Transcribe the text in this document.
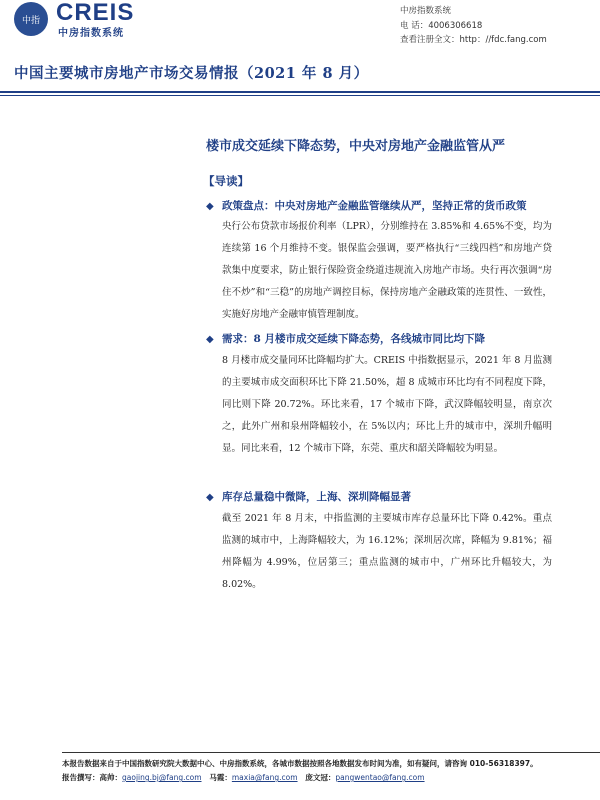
中指 CREIS
中房指数系统
中房指数系统
电 话：4006306618
查看注册全文：http：//fdc.fang.com
中国主要城市房地产市场交易情报（2021 年 8 月）
楼市成交延续下降态势，中央对房地产金融监管从严
【导读】
◆ 政策盘点：中央对房地产金融监管继续从严，坚持正常的货币政策

央行公布贷款市场报价利率（LPR），分别维持在 3.85%和 4.65%不变，均为连续第 16 个月维持不变。银保监会强调，要严格执行“三线四档”和房地产贷款集中度要求，防止银行保险资金绕道违规流入房地产市场。央行再次强调“房住不炒”和“三稳”的房地产调控目标，保持房地产金融政策的连贯性、一致性，实施好房地产金融审慎管理制度。

◆ 需求：8 月楼市成交延续下降态势，各线城市同比均下降

8 月楼市成交量同环比降幅均扩大。CREIS 中指数据显示，2021 年 8 月监测的主要城市成交面积环比下降 21.50%，超 8 成城市环比均有不同程度下降，同比则下降 20.72%。环比来看，17 个城市下降，武汉降幅较明显，南京次之，此外广州和泉州降幅较小，在 5%以内；环比上升的城市中，深圳升幅明显。同比来看，12 个城市下降，东莞、重庆和韶关降幅较为明显。

◆ 库存总量稳中微降，上海、深圳降幅显著

截至 2021 年 8 月末，中指监测的主要城市库存总量环比下降 0.42%。重点监测的城市中，上海降幅较大，为 16.12%；深圳居次席，降幅为 9.81%；福州降幅为 4.99%，位居第三；重点监测的城市中，广州环比升幅较大，为 8.02%。

本报告数据来自于中国指数研究院大数据中心、中房指数系统，各城市数据按照各地数据发布时间为准，如有疑问，请咨询 010-56318397。
报告撰写：高帅：gaojing.bj@fang.com 马霞：maxia@fang.com 庞文冠：pangwentao@fang.com
